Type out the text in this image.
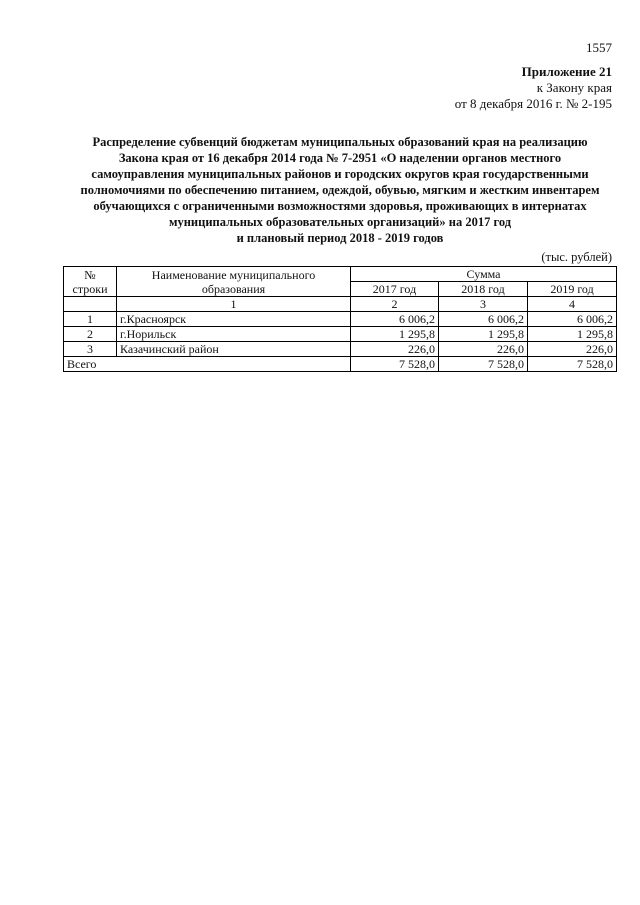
1557
Приложение 21
к Закону края
от 8 декабря 2016 г. № 2-195
Распределение субвенций бюджетам муниципальных образований края на реализацию
Закона края от 16 декабря 2014 года № 7-2951 «О наделении органов местного
самоуправления муниципальных районов и городских округов края государственными
полномочиями по обеспечению питанием, одеждой, обувью, мягким и жестким инвентарем
обучающихся с ограниченными возможностями здоровья, проживающих в интернатах
муниципальных образовательных организаций» на 2017 год
и плановый период 2018 - 2019 годов
(тыс. рублей)
№ строки	Наименование муниципального образования	Сумма		
		2017 год	2018 год	2019 год
	1	2	3	4
1	г.Красноярск	6 006,2	6 006,2	6 006,2
2	г.Норильск	1 295,8	1 295,8	1 295,8
3	Казачинский район	226,0	226,0	226,0
Всего		7 528,0	7 528,0	7 528,0
